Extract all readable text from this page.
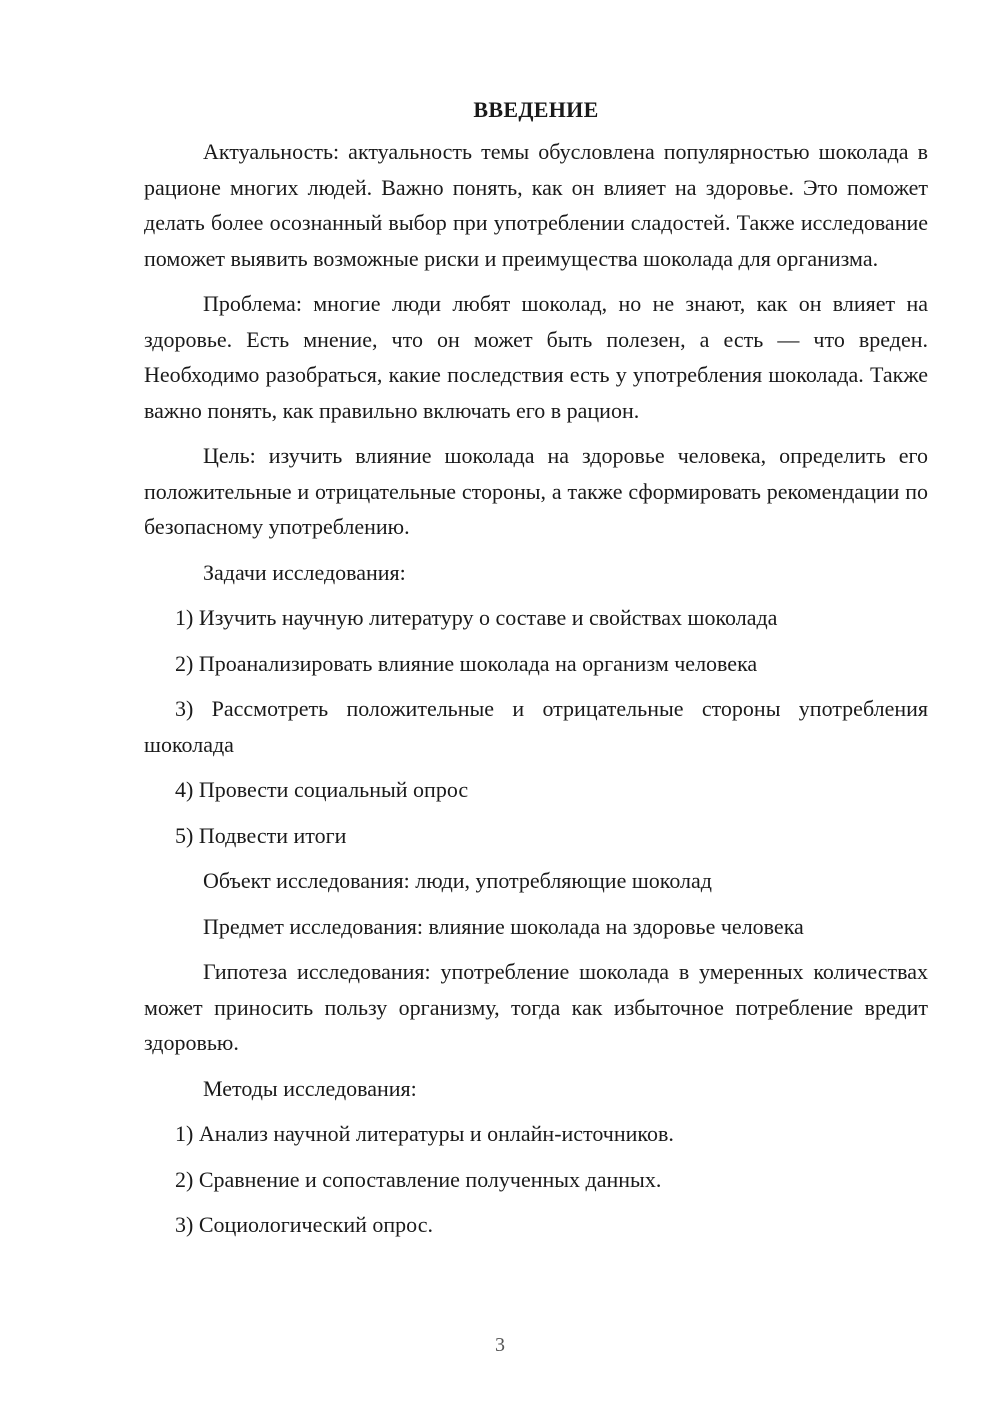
ВВЕДЕНИЕ

Актуальность: актуальность темы обусловлена популярностью шоколада в рационе многих людей. Важно понять, как он влияет на здоровье. Это поможет делать более осознанный выбор при употреблении сладостей. Также исследование поможет выявить возможные риски и преимущества шоколада для организма.

Проблема: многие люди любят шоколад, но не знают, как он влияет на здоровье. Есть мнение, что он может быть полезен, а есть — что вреден. Необходимо разобраться, какие последствия есть у употребления шоколада. Также важно понять, как правильно включать его в рацион.

Цель: изучить влияние шоколада на здоровье человека, определить его положительные и отрицательные стороны, а также сформировать рекомендации по безопасному употреблению.

Задачи исследования:

1) Изучить научную литературу о составе и свойствах шоколада

2) Проанализировать влияние шоколада на организм человека

3) Рассмотреть положительные и отрицательные стороны употребления шоколада

4) Провести социальный опрос

5) Подвести итоги

Объект исследования: люди, употребляющие шоколад

Предмет исследования: влияние шоколада на здоровье человека

Гипотеза исследования: употребление шоколада в умеренных количествах может приносить пользу организму, тогда как избыточное потребление вредит здоровью.

Методы исследования:

1) Анализ научной литературы и онлайн-источников.

2) Сравнение и сопоставление полученных данных.

3) Социологический опрос.

3
